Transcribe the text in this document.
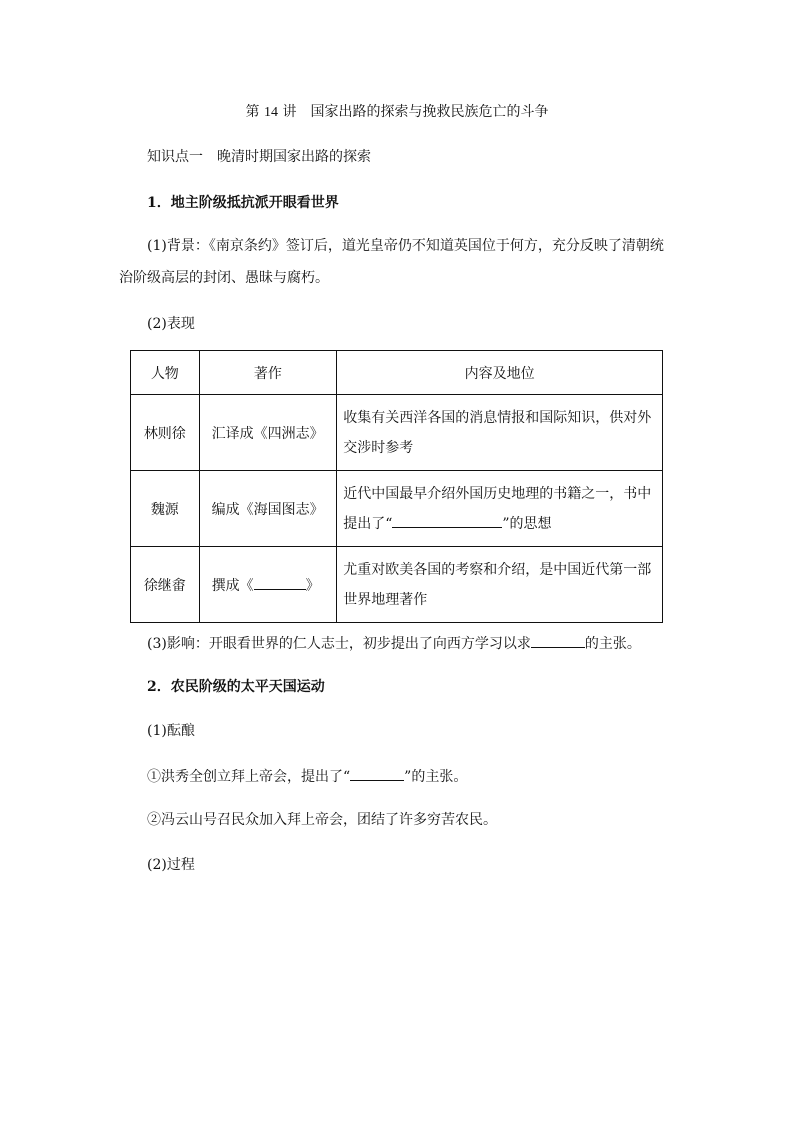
第 14 讲　国家出路的探索与挽救民族危亡的斗争
知识点一　晚清时期国家出路的探索
1．地主阶级抵抗派开眼看世界
(1)背景：《南京条约》签订后，道光皇帝仍不知道英国位于何方，充分反映了清朝统
治阶级高层的封闭、愚昧与腐朽。
(2)表现
人物	著作	内容及地位
林则徐	汇译成《四洲志》	收集有关西洋各国的消息情报和国际知识，供对外
交涉时参考

魏源	编成《海国图志》	近代中国最早介绍外国历史地理的书籍之一，书中
提出了“ ”的思想

徐继畬	撰成《 》	尤重对欧美各国的考察和介绍，是中国近代第一部
世界地理著作
(3)影响：开眼看世界的仁人志士，初步提出了向西方学习以求	的主张。
2．农民阶级的太平天国运动
(1)酝酿
①洪秀全创立拜上帝会，提出了“	”的主张。
②冯云山号召民众加入拜上帝会，团结了许多穷苦农民。
(2)过程
